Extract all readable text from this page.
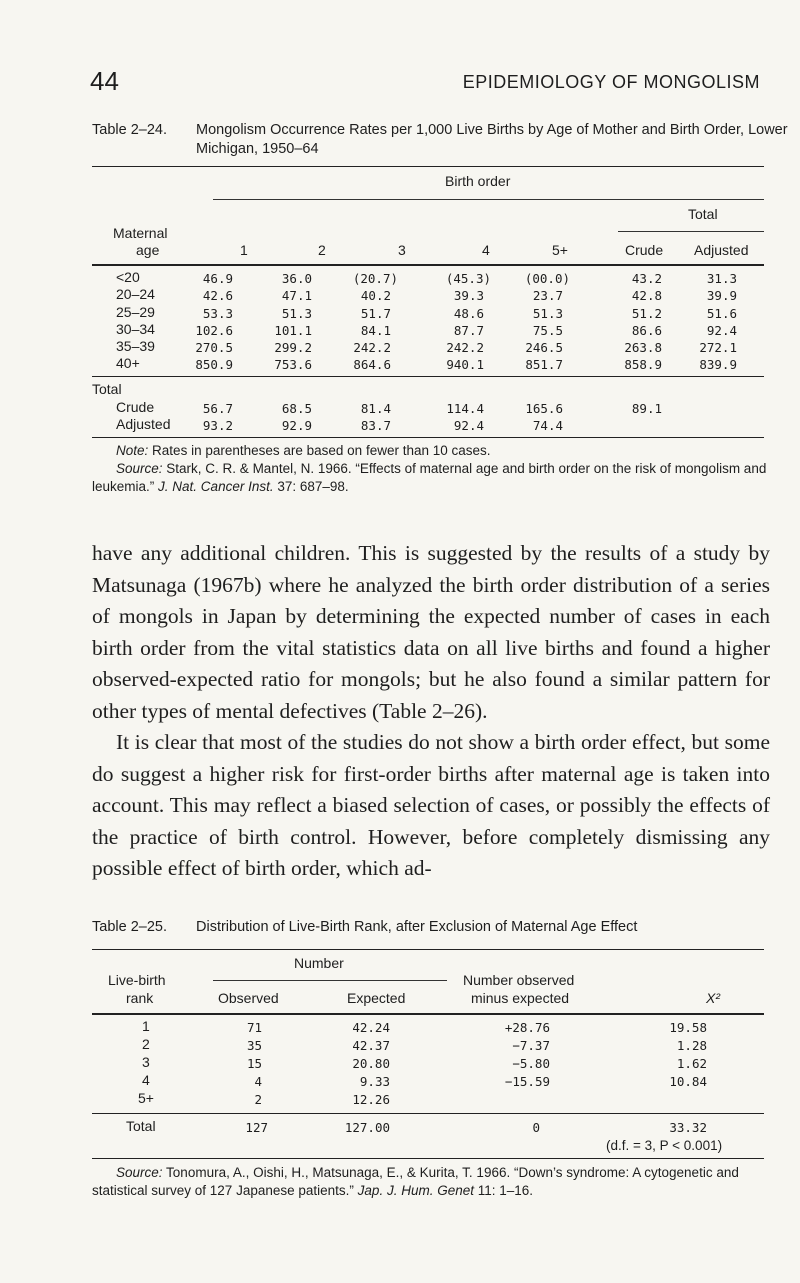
44	EPIDEMIOLOGY OF MONGOLISM
Table 2–24. Mongolism Occurrence Rates per 1,000 Live Births by Age of Mother and Birth Order, Lower Michigan, 1950–64
Birth order
Total
Maternal
age	1	2	3	4	5+	Crude Adjusted
<20	46.9	36.0	(20.7)	(45.3)	(00.0)	43.2	31.3
20–24	42.6	47.1	40.2	39.3	23.7	42.8	39.9
25–29	53.3	51.3	51.7	48.6	51.3	51.2	51.6
30–34	102.6	101.1	84.1	87.7	75.5	86.6	92.4
35–39	270.5	299.2	242.2	242.2	246.5	263.8	272.1
40+	850.9	753.6	864.6	940.1	851.7	858.9	839.9
Total
Crude	56.7	68.5	81.4	114.4	165.6	89.1
Adjusted	93.2	92.9	83.7	92.4	74.4
Note: Rates in parentheses are based on fewer than 10 cases.
Source: Stark, C. R. & Mantel, N. 1966. “Effects of maternal age and birth order on the risk of mongolism and leukemia.” J. Nat. Cancer Inst. 37: 687–98.

have any additional children. This is suggested by the results of a study by Matsunaga (1967b) where he analyzed the birth order distribution of a series of mongols in Japan by determining the expected number of cases in each birth order from the vital statistics data on all live births and found a higher observed-expected ratio for mongols; but he also found a similar pattern for other types of mental defectives (Table 2–26).

It is clear that most of the studies do not show a birth order effect, but some do suggest a higher risk for first-order births after maternal age is taken into account. This may reflect a biased selection of cases, or possibly the effects of the practice of birth control. However, before completely dismissing any possible effect of birth order, which ad-

Table 2–25. Distribution of Live-Birth Rank, after Exclusion of Maternal Age Effect
Number
Live-birth
rank	Observed	Expected
Number observed
minus expected	X²
1	71	42.24	+28.76	19.58
2	35	42.37	−7.37	1.28
3	15	20.80	−5.80	1.62
4	4	9.33	−15.59	10.84
5+	2	12.26
Total	127	127.00	0	33.32
(d.f. = 3, P < 0.001)
Source: Tonomura, A., Oishi, H., Matsunaga, E., & Kurita, T. 1966. “Down’s syndrome: A cytogenetic and statistical survey of 127 Japanese patients.” Jap. J. Hum. Genet 11: 1–16.
